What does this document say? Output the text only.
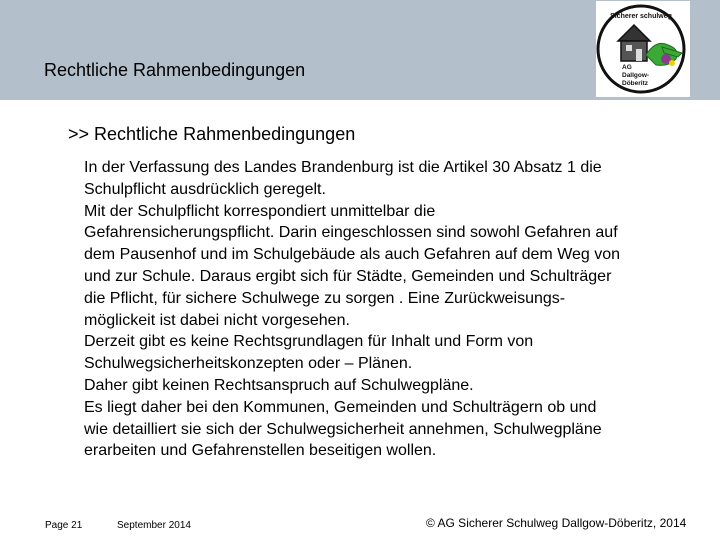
Rechtliche Rahmenbedingungen
Sicherer schulweg
AG
Dallgow-
Döberitz
>> Rechtliche Rahmenbedingungen
In der Verfassung des Landes Brandenburg ist die Artikel 30 Absatz 1 die
Schulpflicht ausdrücklich geregelt.
Mit der Schulpflicht korrespondiert unmittelbar die
Gefahrensicherungspflicht. Darin eingeschlossen sind sowohl Gefahren auf
dem Pausenhof und im Schulgebäude als auch Gefahren auf dem Weg von
und zur Schule. Daraus ergibt sich für Städte, Gemeinden und Schulträger
die Pflicht, für sichere Schulwege zu sorgen . Eine Zurückweisungs-
möglickeit ist dabei nicht vorgesehen.
Derzeit gibt es keine Rechtsgrundlagen für Inhalt und Form von
Schulwegsicherheitskonzepten oder – Plänen.
Daher gibt keinen Rechtsanspruch auf Schulwegpläne.
Es liegt daher bei den Kommunen, Gemeinden und Schulträgern ob und
wie detailliert sie sich der Schulwegsicherheit annehmen, Schulwegpläne
erarbeiten und Gefahrenstellen beseitigen wollen.
Page 21	September 2014	© AG Sicherer Schulweg Dallgow-Döberitz, 2014
